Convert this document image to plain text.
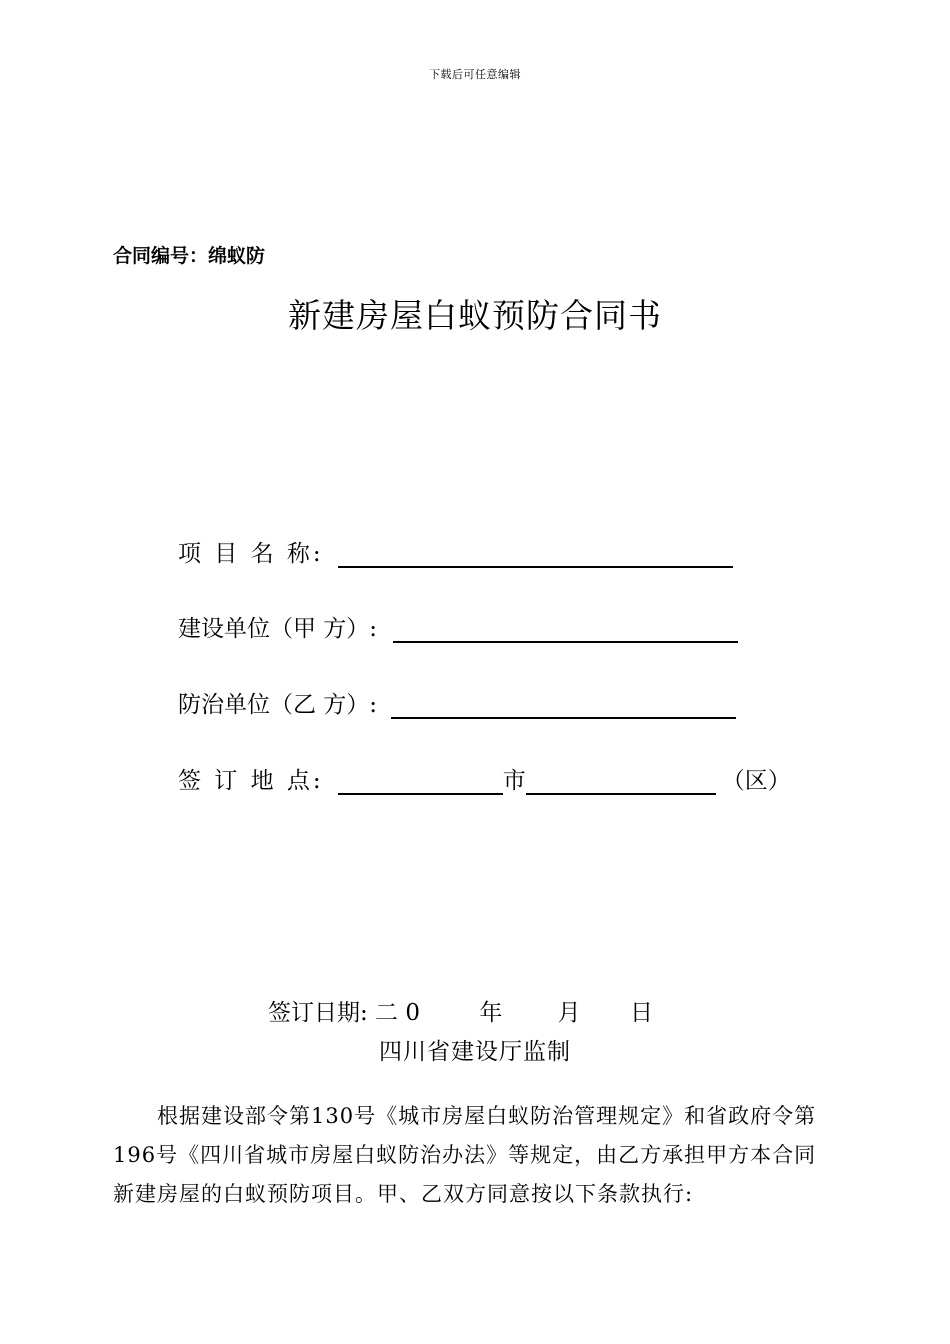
下载后可任意编辑
合同编号：绵蚁防
新建房屋白蚁预防合同书
项 目 名 称:
建设单位（甲 方）:
防治单位（乙 方）:
签 订 地 点:	市	（区）
签订日期: 二 0	年 月 日
四川省建设厅监制
根据建设部令第130号《城市房屋白蚁防治管理规定》和省政府令第
196号《四川省城市房屋白蚁防治办法》等规定，由乙方承担甲方本合同
新建房屋的白蚁预防项目。甲、乙双方同意按以下条款执行:
